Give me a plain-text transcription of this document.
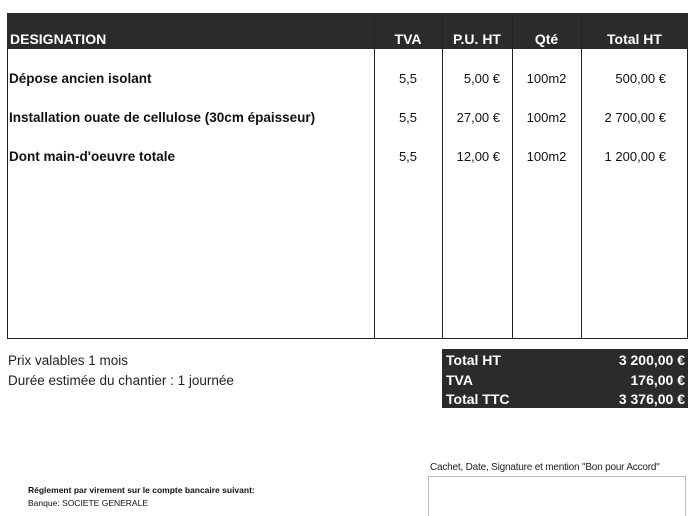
DESIGNATION	TVA	P.U. HT	Qté	Total HT
Dépose ancien isolant	5,5	5,00 €	100m2	500,00 €
Installation ouate de cellulose (30cm épaisseur)	5,5	27,00 €	100m2	2 700,00 €
Dont main-d'oeuvre totale	5,5	12,00 €	100m2	1 200,00 €
Prix valables 1 mois
Durée estimée du chantier : 1 journée
Total HT	3 200,00 €
TVA	176,00 €
Total TTC	3 376,00 €
Réglement par virement sur le compte bancaire suivant:
Banque: SOCIETE GENERALE
Cachet, Date, Signature et mention "Bon pour Accord"
